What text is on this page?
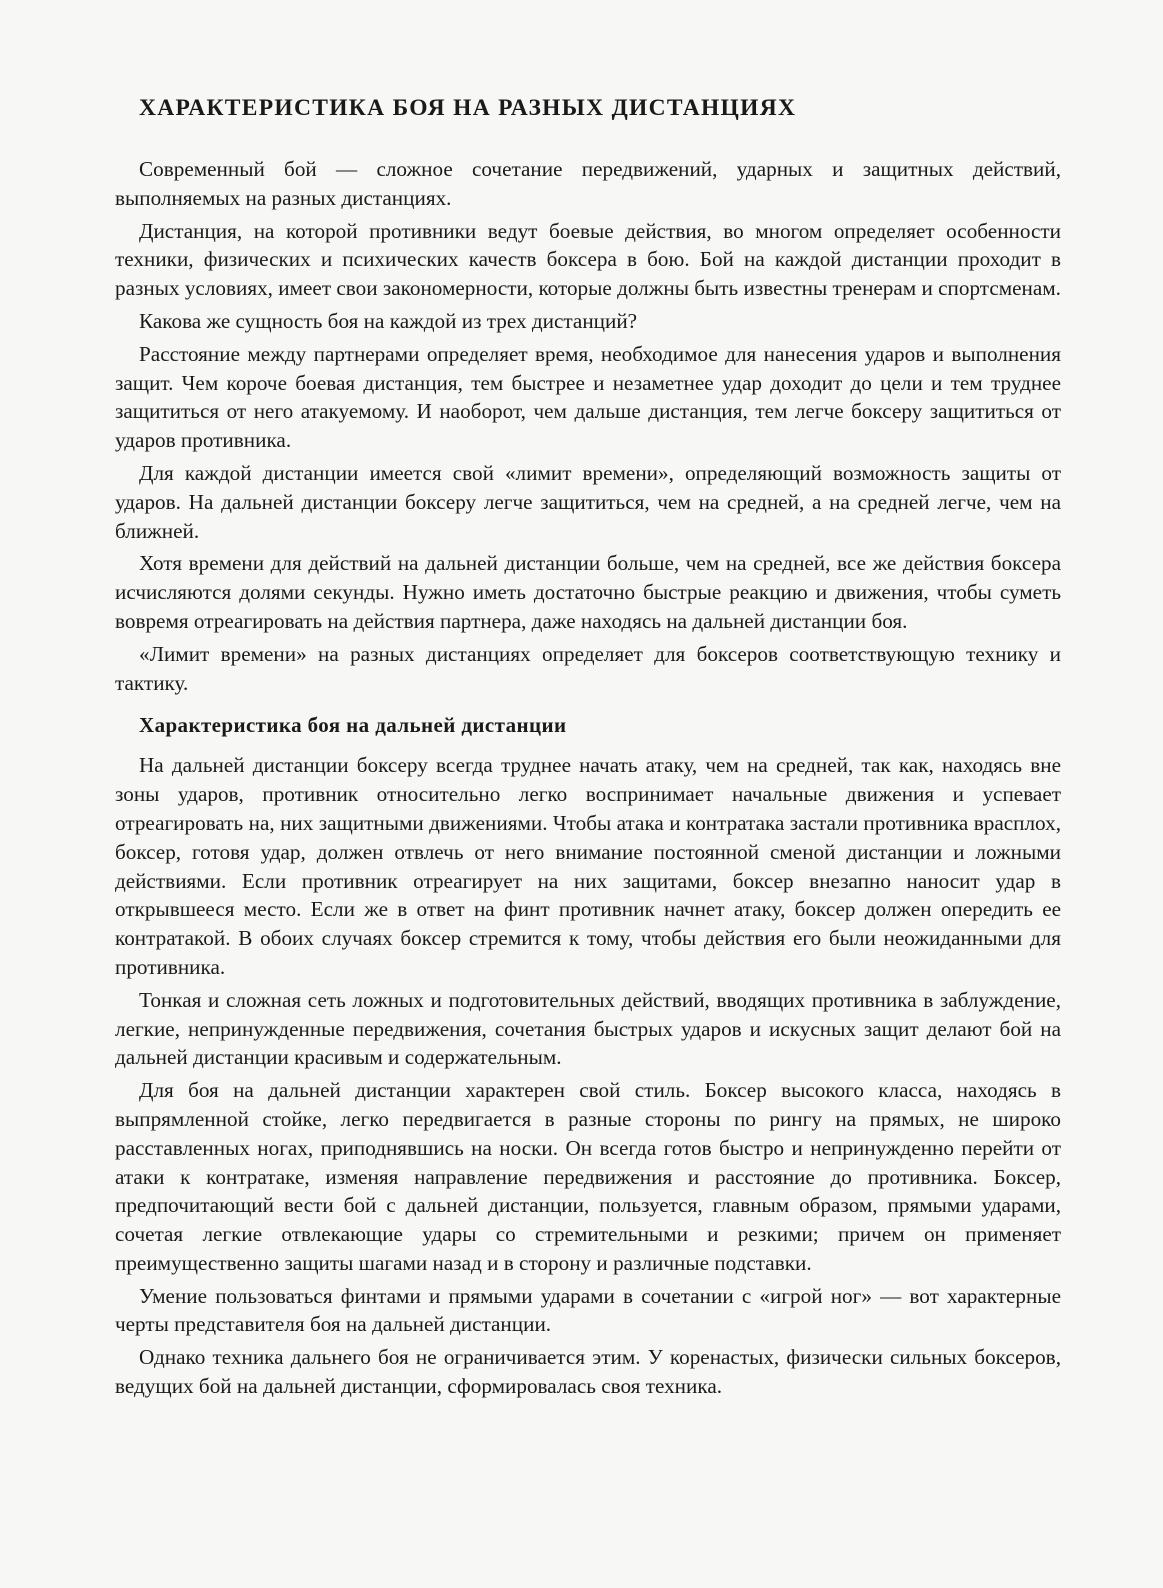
ХАРАКТЕРИСТИКА БОЯ НА РАЗНЫХ ДИСТАНЦИЯХ

Современный бой — сложное сочетание передвижений, ударных и защитных действий, выполняемых на разных дистанциях.

Дистанция, на которой противники ведут боевые действия, во многом определяет особенности техники, физических и психических качеств боксера в бою. Бой на каждой дистанции проходит в разных условиях, имеет свои закономерности, которые должны быть известны тренерам и спортсменам.

Какова же сущность боя на каждой из трех дистанций?

Расстояние между партнерами определяет время, необходимое для нанесения ударов и выполнения защит. Чем короче боевая дистанция, тем быстрее и незаметнее удар доходит до цели и тем труднее защититься от него атакуемому. И наоборот, чем дальше дистанция, тем легче боксеру защититься от ударов противника.

Для каждой дистанции имеется свой «лимит времени», определяющий возможность защиты от ударов. На дальней дистанции боксеру легче защититься, чем на средней, а на средней легче, чем на ближней.

Хотя времени для действий на дальней дистанции больше, чем на средней, все же действия боксера исчисляются долями секунды. Нужно иметь достаточно быстрые реакцию и движения, чтобы суметь вовремя отреагировать на действия партнера, даже находясь на дальней дистанции боя.

«Лимит времени» на разных дистанциях определяет для боксеров соответствующую технику и тактику.

Характеристика боя на дальней дистанции

На дальней дистанции боксеру всегда труднее начать атаку, чем на средней, так как, находясь вне зоны ударов, противник относительно легко воспринимает начальные движения и успевает отреагировать на, них защитными движениями. Чтобы атака и контратака застали противника врасплох, боксер, готовя удар, должен отвлечь от него внимание постоянной сменой дистанции и ложными действиями. Если противник отреагирует на них защитами, боксер внезапно наносит удар в открывшееся место. Если же в ответ на финт противник начнет атаку, боксер должен опередить ее контратакой. В обоих случаях боксер стремится к тому, чтобы действия его были неожиданными для противника.

Тонкая и сложная сеть ложных и подготовительных действий, вводящих противника в заблуждение, легкие, непринужденные передвижения, сочетания быстрых ударов и искусных защит делают бой на дальней дистанции красивым и содержательным.

Для боя на дальней дистанции характерен свой стиль. Боксер высокого класса, находясь в выпрямленной стойке, легко передвигается в разные стороны по рингу на прямых, не широко расставленных ногах, приподнявшись на носки. Он всегда готов быстро и непринужденно перейти от атаки к контратаке, изменяя направление передвижения и расстояние до противника. Боксер, предпочитающий вести бой с дальней дистанции, пользуется, главным образом, прямыми ударами, сочетая легкие отвлекающие удары со стремительными и резкими; причем он применяет преимущественно защиты шагами назад и в сторону и различные подставки.

Умение пользоваться финтами и прямыми ударами в сочетании с «игрой ног» — вот характерные черты представителя боя на дальней дистанции.

Однако техника дальнего боя не ограничивается этим. У коренастых, физически сильных боксеров, ведущих бой на дальней дистанции, сформировалась своя техника.
